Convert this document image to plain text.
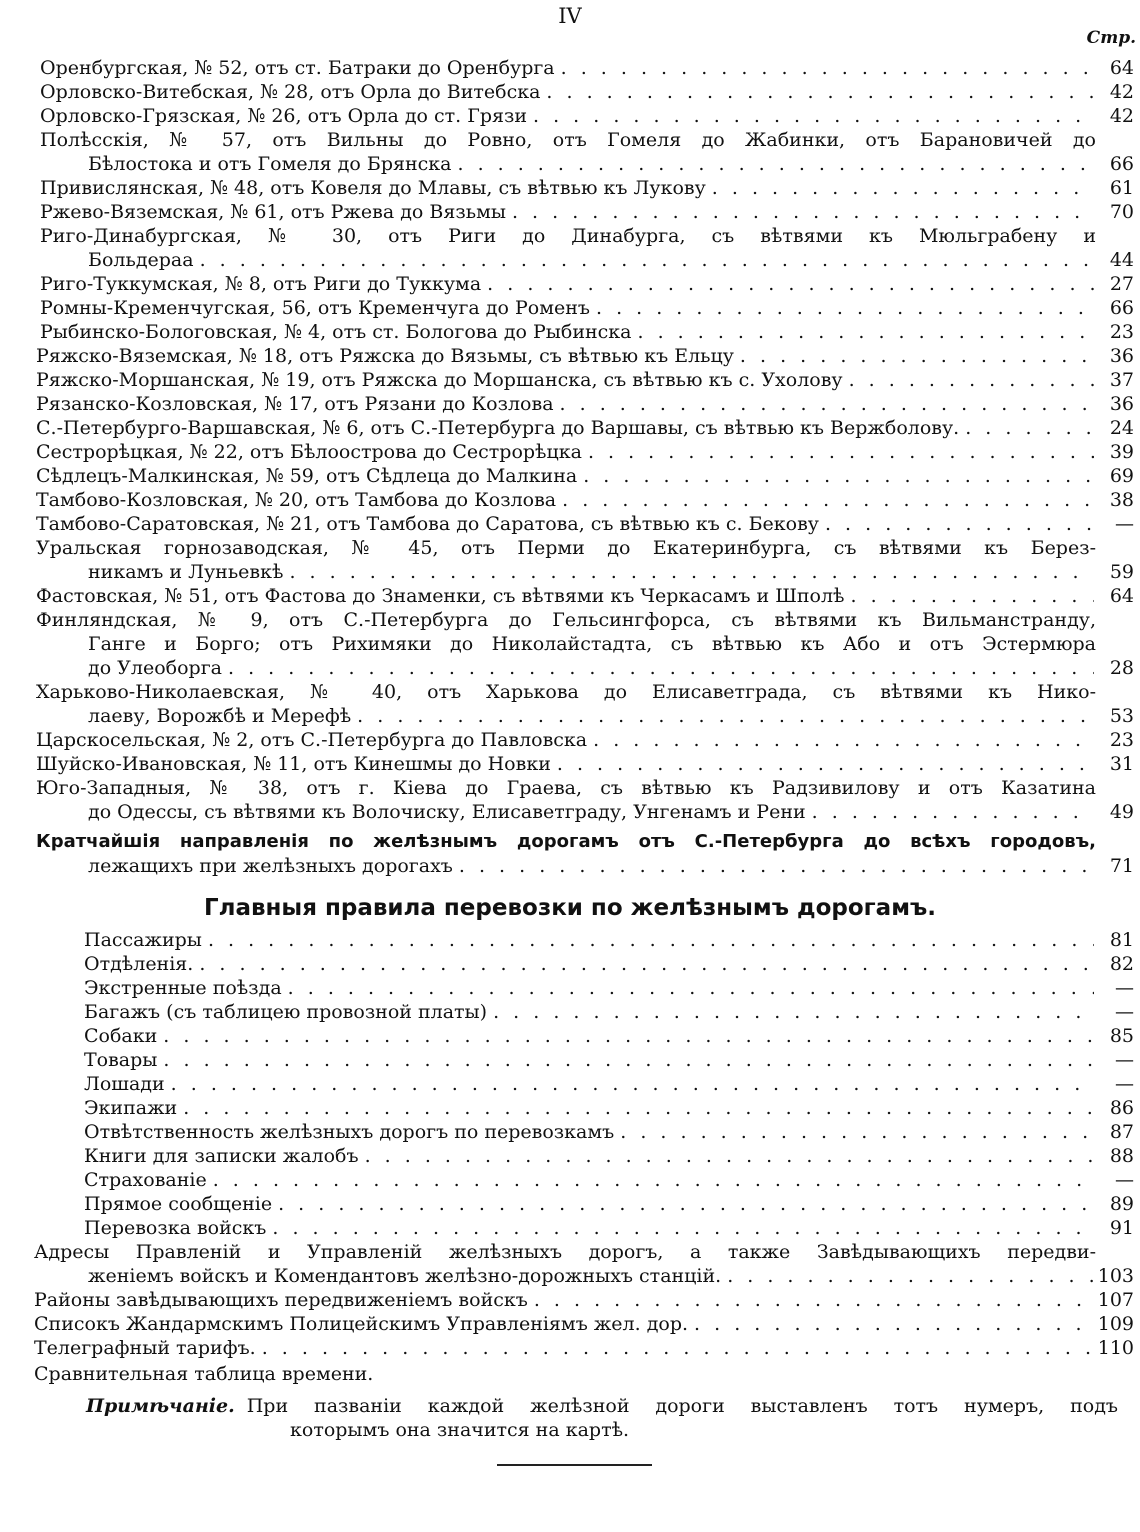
IV
Стр.
Оренбургская, № 52, отъ ст. Батраки до Оренбурга . . .	64
Орловско-Витебская, № 28, отъ Орла до Витебска . . .	42
Орловско-Грязская, № 26, отъ Орла до ст. Грязи . . .	42
Полѣсскія, № 57, отъ Вильны до Ровно, отъ Гомеля до Жабинки, отъ Барановичей до
Бѣлостока и отъ Гомеля до Брянска . . .	66
Привислянская, № 48, отъ Ковеля до Млавы, съ вѣтвью къ Лукову . . .	61
Ржево-Вяземская, № 61, отъ Ржева до Вязьмы . . .	70
Риго-Динабургская, № 30, отъ Риги до Динабурга, съ вѣтвями къ Мюльграбену и
Больдераа . . .	44
Риго-Туккумская, № 8, отъ Риги до Туккума . . .	27
Ромны-Кременчугская, 56, отъ Кременчуга до Роменъ . . .	66
Рыбинско-Бологовская, № 4, отъ ст. Бологова до Рыбинска . . .	23
Ряжско-Вяземская, № 18, отъ Ряжска до Вязьмы, съ вѣтвью къ Ельцу . . .	36
Ряжско-Моршанская, № 19, отъ Ряжска до Моршанска, съ вѣтвью къ с. Ухолову . . .	37
Рязанско-Козловская, № 17, отъ Рязани до Козлова . . .	36
С.-Петербурго-Варшавская, № 6, отъ С.-Петербурга до Варшавы, съ вѣтвью къ Вержболову. . . .	24
Сестрорѣцкая, № 22, отъ Бѣлоострова до Сестрорѣцка . . .	39
Сѣдлецъ-Малкинская, № 59, отъ Сѣдлеца до Малкина . . .	69
Тамбово-Козловская, № 20, отъ Тамбова до Козлова . . .	38
Тамбово-Саратовская, № 21, отъ Тамбова до Саратова, съ вѣтвью къ с. Бекову . . .	—
Уральская горнозаводская, № 45, отъ Перми до Екатеринбурга, съ вѣтвями къ Берез-
никамъ и Луньевкѣ . . .	59
Фастовская, № 51, отъ Фастова до Знаменки, съ вѣтвями къ Черкасамъ и Шполѣ . . .	64
Финляндская, № 9, отъ С.-Петербурга до Гельсингфорса, съ вѣтвями къ Вильманстранду,
Ганге и Борго; отъ Рихимяки до Николайстадта, съ вѣтвью къ Або и отъ Эстермюра
до Улеоборга . . .	28
Харьково-Николаевская, № 40, отъ Харькова до Елисаветграда, съ вѣтвями къ Нико-
лаеву, Ворожбѣ и Мерефѣ . . .	53
Царскосельская, № 2, отъ С.-Петербурга до Павловска . . .	23
Шуйско-Ивановская, № 11, отъ Кинешмы до Новки . . .	31
Юго-Западныя, № 38, отъ г. Кіева до Граева, съ вѣтвью къ Радзивилову и отъ Казатина
до Одессы, съ вѣтвями къ Волочиску, Елисаветграду, Унгенамъ и Рени . . .	49
Кратчайшія направленія по желѣзнымъ дорогамъ отъ С.-Петербурга до всѣхъ городовъ,
лежащихъ при желѣзныхъ дорогахъ . . .	71
Главныя правила перевозки по желѣзнымъ дорогамъ.
Пассажиры . . .	81
Отдѣленія. . . .	82
Экстренные поѣзда . . .	—
Багажъ (съ таблицею провозной платы) . . .	—
Собаки . . .	85
Товары . . .	—
Лошади . . .	—
Экипажи . . .	86
Отвѣтственность желѣзныхъ дорогъ по перевозкамъ . . .	87
Книги для записки жалобъ . . .	88
Страхованіе . . .	—
Прямое сообщеніе . . .	89
Перевозка войскъ . . .	91
Адресы Правленій и Управленій желѣзныхъ дорогъ, а также Завѣдывающихъ передви-
женіемъ войскъ и Комендантовъ желѣзно-дорожныхъ станцій. . . .	103
Районы завѣдывающихъ передвиженіемъ войскъ . . .	107
Списокъ Жандармскимъ Полицейскимъ Управленіямъ жел. дор. . . .	109
Телеграфный тарифъ. . . .	110
Сравнительная таблица времени.
Примѣчаніе. При пазваніи каждой желѣзной дороги выставленъ тотъ нумеръ, подъ
которымъ она значится на картѣ.
